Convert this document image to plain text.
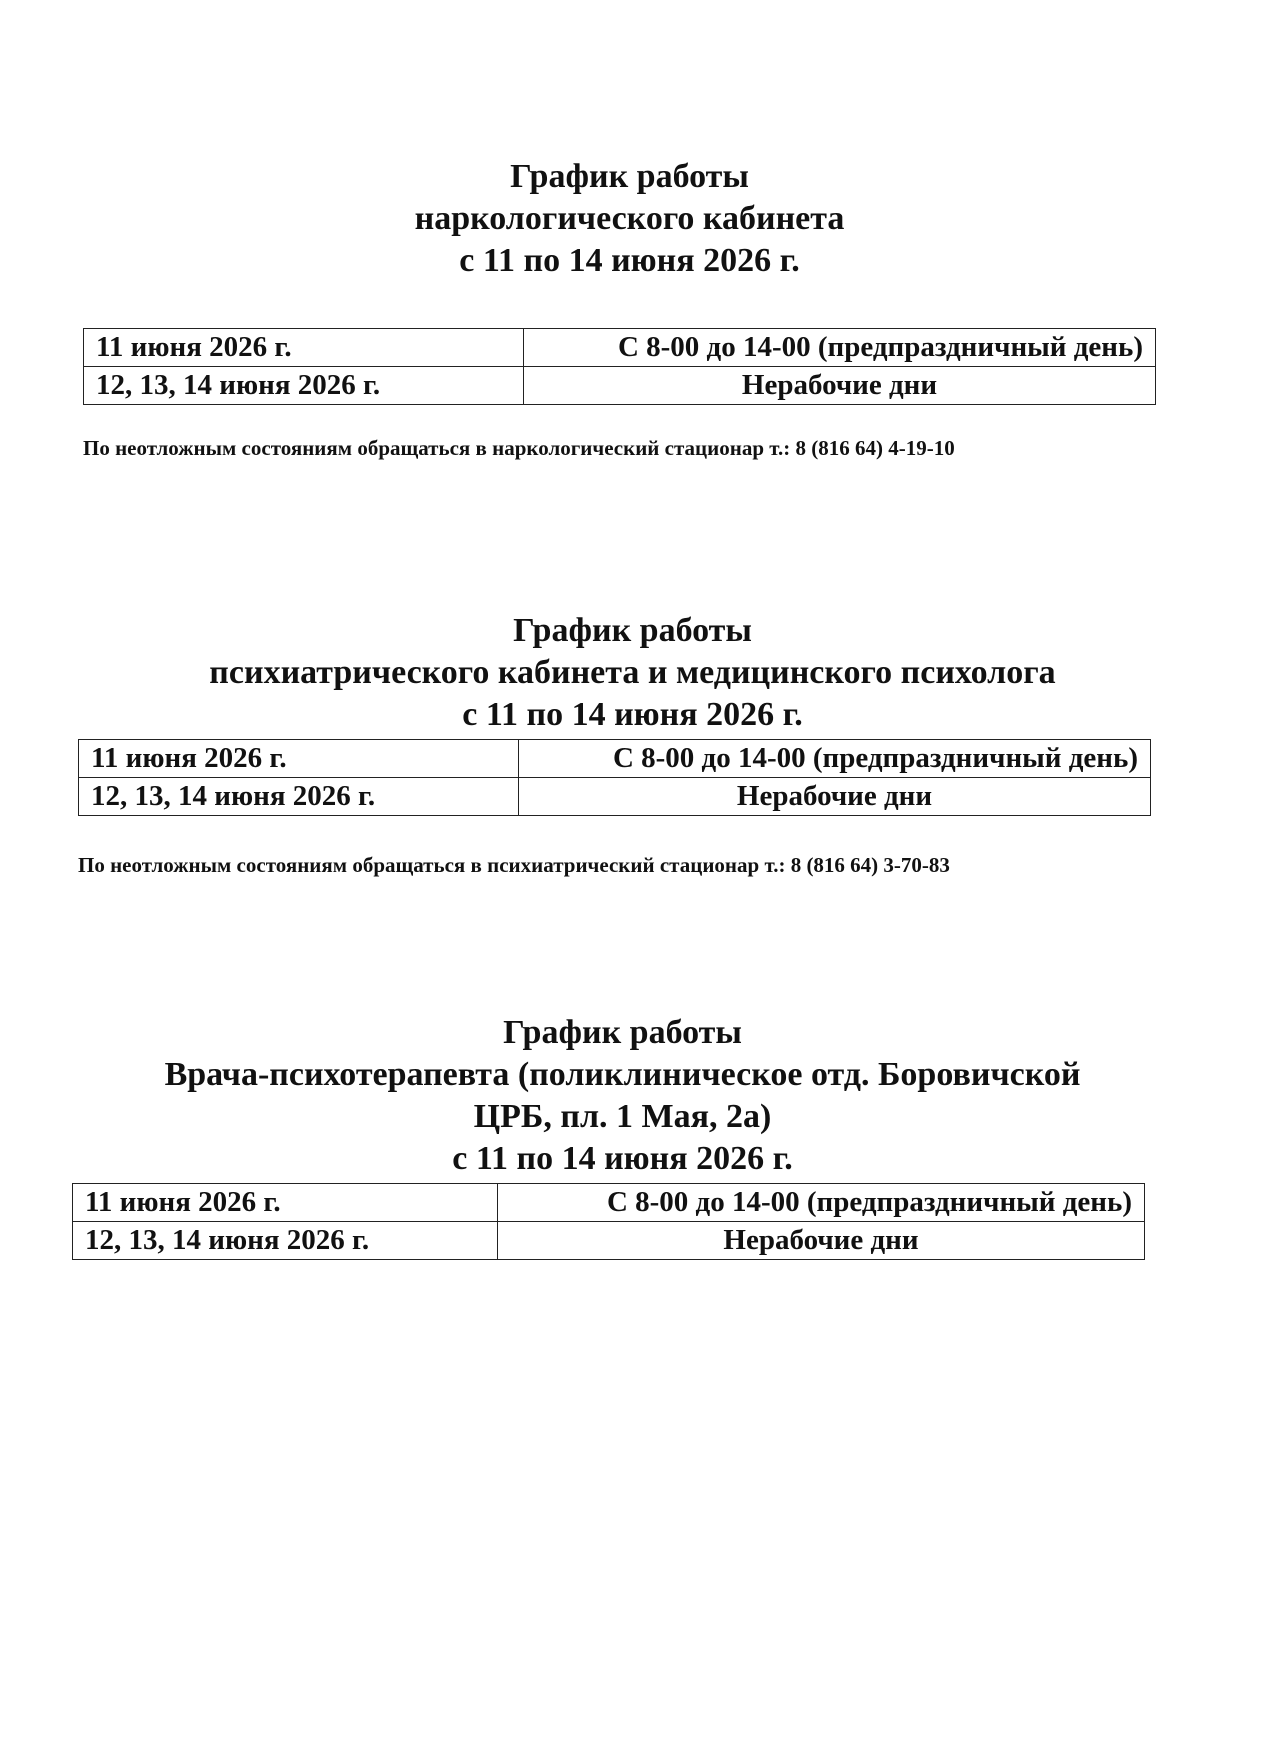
График работы
наркологического кабинета
с 11 по 14 июня 2026 г.
11 июня 2026 г.	С 8-00 до 14-00 (предпраздничный день)
12, 13, 14 июня 2026 г.	Нерабочие дни
По неотложным состояниям обращаться в наркологический стационар т.: 8 (816 64) 4-19-10
График работы
психиатрического кабинета и медицинского психолога
с 11 по 14 июня 2026 г.
11 июня 2026 г.	С 8-00 до 14-00 (предпраздничный день)
12, 13, 14 июня 2026 г.	Нерабочие дни
По неотложным состояниям обращаться в психиатрический стационар т.: 8 (816 64) 3-70-83
График работы
Врача-психотерапевта (поликлиническое отд. Боровичской
ЦРБ, пл. 1 Мая, 2а)
с 11 по 14 июня 2026 г.
11 июня 2026 г.	С 8-00 до 14-00 (предпраздничный день)
12, 13, 14 июня 2026 г.	Нерабочие дни
